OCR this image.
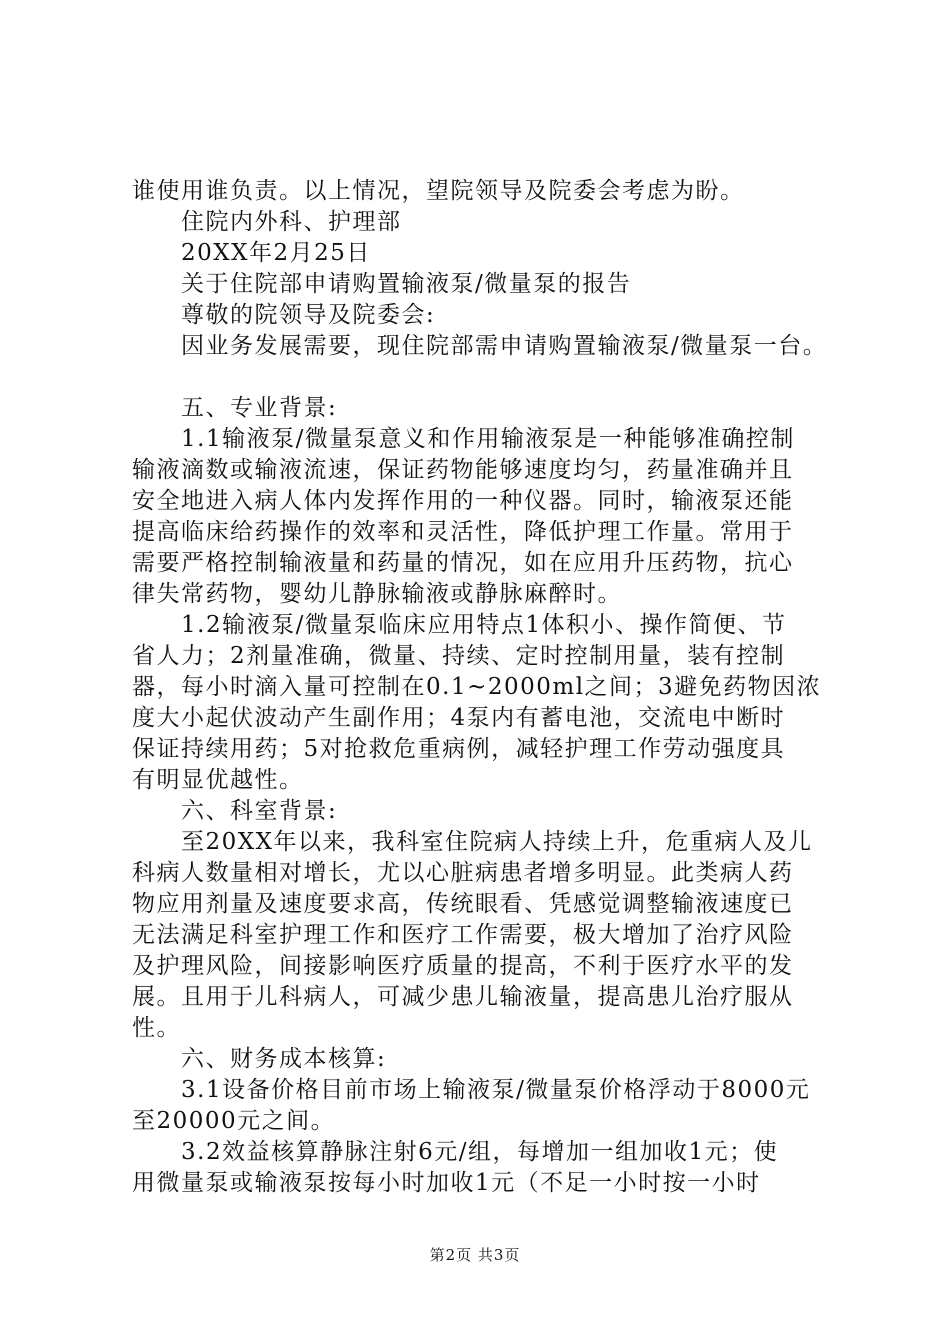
谁使用谁负责。以上情况，望院领导及院委会考虑为盼。
　　住院内外科、护理部
　　20XX年2月25日
　　关于住院部申请购置输液泵/微量泵的报告
　　尊敬的院领导及院委会:
　　因业务发展需要，现住院部需申请购置输液泵/微量泵一台。
　　五、专业背景:
　　1.1输液泵/微量泵意义和作用输液泵是一种能够准确控制
输液滴数或输液流速，保证药物能够速度均匀，药量准确并且
安全地进入病人体内发挥作用的一种仪器。同时，输液泵还能
提高临床给药操作的效率和灵活性，降低护理工作量。常用于
需要严格控制输液量和药量的情况，如在应用升压药物，抗心
律失常药物，婴幼儿静脉输液或静脉麻醉时。
　　1.2输液泵/微量泵临床应用特点1体积小、操作简便、节
省人力；2剂量准确，微量、持续、定时控制用量，装有控制
器，每小时滴入量可控制在0.1~2000ml之间；3避免药物因浓
度大小起伏波动产生副作用；4泵内有蓄电池，交流电中断时
保证持续用药；5对抢救危重病例，减轻护理工作劳动强度具
有明显优越性。
　　六、科室背景:
　　至20XX年以来，我科室住院病人持续上升，危重病人及儿
科病人数量相对增长，尤以心脏病患者增多明显。此类病人药
物应用剂量及速度要求高，传统眼看、凭感觉调整输液速度已
无法满足科室护理工作和医疗工作需要，极大增加了治疗风险
及护理风险，间接影响医疗质量的提高，不利于医疗水平的发
展。且用于儿科病人，可减少患儿输液量，提高患儿治疗服从
性。
　　六、财务成本核算:
　　3.1设备价格目前市场上输液泵/微量泵价格浮动于8000元
至20000元之间。
　　3.2效益核算静脉注射6元/组，每增加一组加收1元；使
用微量泵或输液泵按每小时加收1元（不足一小时按一小时
第2页 共3页
